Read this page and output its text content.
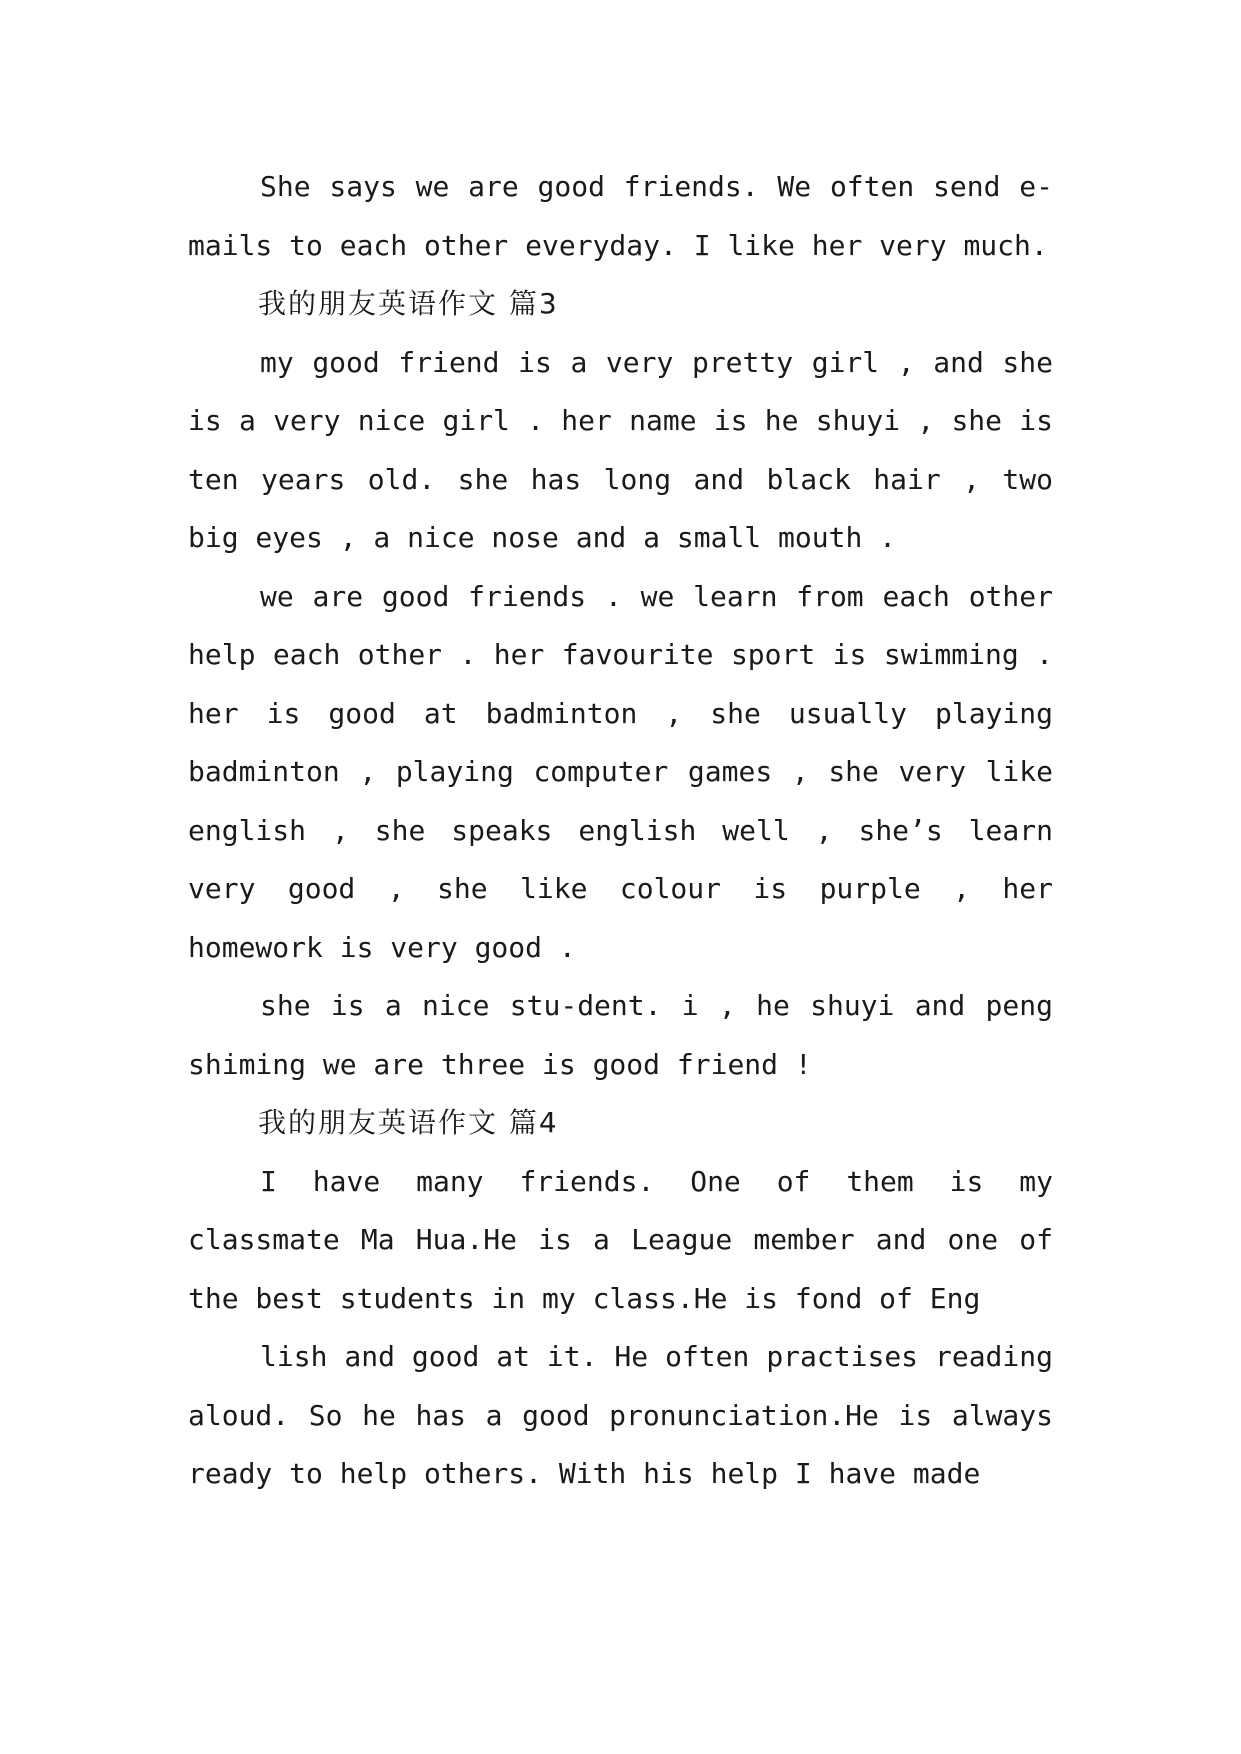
She says we are good friends. We often send e-mails to each other everyday. I like her very much.

我的朋友英语作文 篇3

my good friend is a very pretty girl , and she is a very nice girl . her name is he shuyi , she is ten years old. she has long and black hair , two big eyes , a nice nose and a small mouth .

we are good friends . we learn from each other help each other . her favourite sport is swimming . her is good at badminton , she usually playing badminton , playing computer games , she very like english , she speaks english well , she’s learn very good , she like colour is purple , her homework is very good .

she is a nice stu-dent. i , he shuyi and peng shiming we are three is good friend !

我的朋友英语作文 篇4

I have many friends. One of them is my classmate Ma Hua.He is a League member and one of the best students in my class.He is fond of Eng

lish and good at it. He often practises reading aloud. So he has a good pronunciation.He is always ready to help others. With his help I have made
